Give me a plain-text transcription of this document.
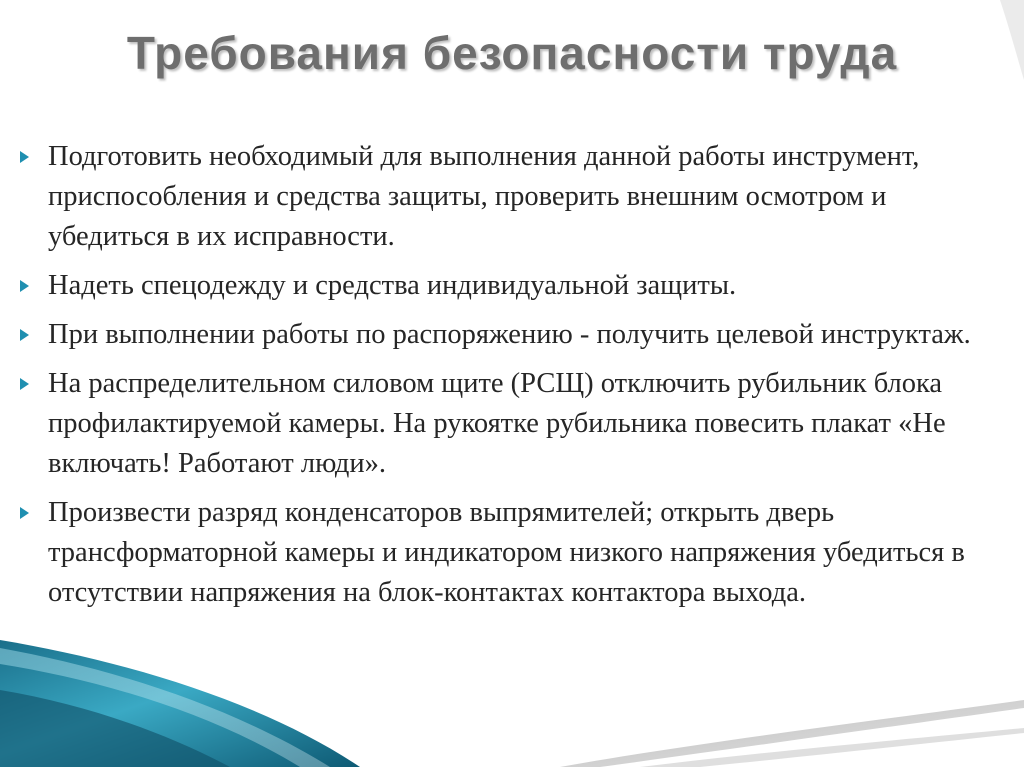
Требования безопасности труда
Подготовить необходимый для выполнения данной работы инструмент, приспособления и средства защиты, проверить внешним осмотром и убедиться в их исправности.
Надеть спецодежду и средства индивидуальной защиты.
При выполнении работы по распоряжению - получить целевой инструктаж.
На распределительном силовом щите (РСЩ) отключить рубильник блока профилактируемой камеры. На рукоятке рубильника повесить плакат «Не включать! Работают люди».
Произвести разряд конденсаторов выпрямителей; открыть дверь трансформаторной камеры и индикатором низкого напряжения убедиться в отсутствии напряжения на блок-контактах контактора выхода.
